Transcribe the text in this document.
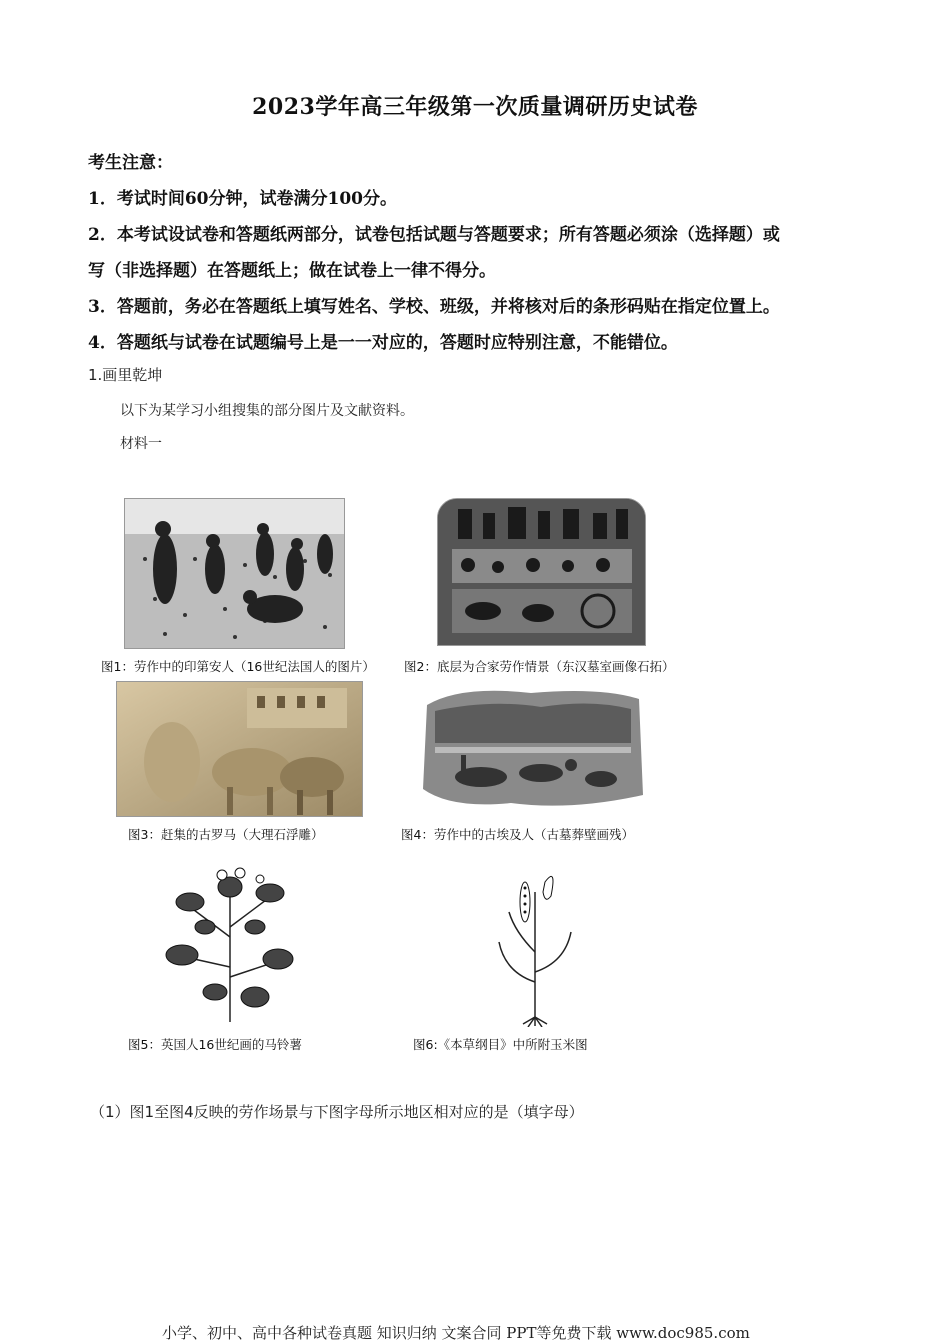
2023学年高三年级第一次质量调研历史试卷
考生注意：
1．考试时间60分钟，试卷满分100分。
2．本考试设试卷和答题纸两部分，试卷包括试题与答题要求；所有答题必须涂（选择题）或
写（非选择题）在答题纸上；做在试卷上一律不得分。
3．答题前，务必在答题纸上填写姓名、学校、班级，并将核对后的条形码贴在指定位置上。
4．答题纸与试卷在试题编号上是一一对应的，答题时应特别注意，不能错位。
1.画里乾坤
以下为某学习小组搜集的部分图片及文献资料。
材料一
图1：劳作中的印第安人（16世纪法国人的图片） 图2：底层为合家劳作情景（东汉墓室画像石拓）
图3：赶集的古罗马（大理石浮雕）	图4：劳作中的古埃及人（古墓葬壁画残）
图5：英国人16世纪画的马铃薯	图6:《本草纲目》中所附玉米图
（1）图1至图4反映的劳作场景与下图字母所示地区相对应的是（填字母）
小学、初中、高中各种试卷真题 知识归纳 文案合同 PPT等免费下载 www.doc985.com
